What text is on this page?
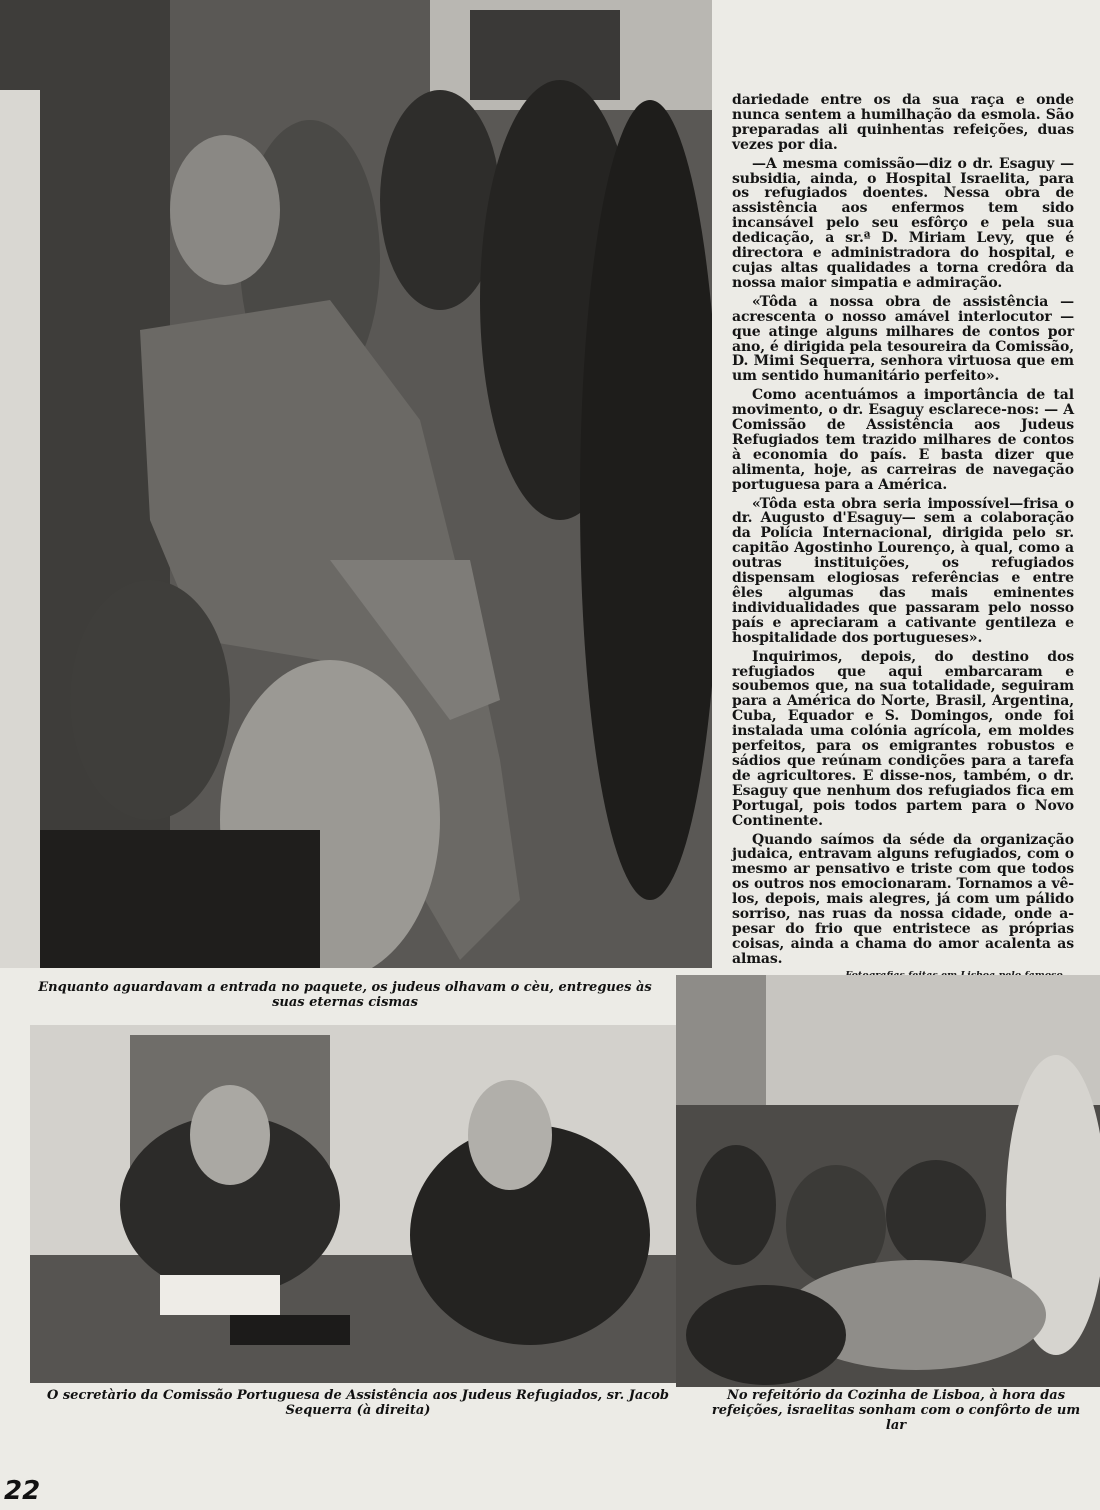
dariedade entre os da sua raça e onde nunca sentem a humilhação da esmola. São preparadas ali quinhentas refeições, duas vezes por dia.

—A mesma comissão—diz o dr. Esaguy —subsidia, ainda, o Hospital Israelita, para os refugiados doentes. Nessa obra de assistência aos enfermos tem sido incansável pelo seu esfôrço e pela sua dedicação, a sr.ª D. Miriam Levy, que é directora e administradora do hospital, e cujas altas qualidades a torna credôra da nossa maior simpatia e admiração.

«Tôda a nossa obra de assistência —acrescenta o nosso amável interlocutor —que atinge alguns milhares de contos por ano, é dirigida pela tesoureira da Comissão, D. Mimi Sequerra, senhora virtuosa que em um sentido humanitário perfeito».

Como acentuámos a importância de tal movimento, o dr. Esaguy esclarece-nos: — A Comissão de Assistência aos Judeus Refugiados tem trazido milhares de contos à economia do país. E basta dizer que alimenta, hoje, as carreiras de navegação portuguesa para a América.

«Tôda esta obra seria impossível—frisa o dr. Augusto d'Esaguy— sem a colaboração da Polícia Internacional, dirigida pelo sr. capitão Agostinho Lourenço, à qual, como a outras instituições, os refugiados dispensam elogiosas referências e entre êles algumas das mais eminentes individualidades que passaram pelo nosso país e apreciaram a cativante gentileza e hospitalidade dos portugueses».

Inquirimos, depois, do destino dos refugiados que aqui embarcaram e soubemos que, na sua totalidade, seguiram para a América do Norte, Brasil, Argentina, Cuba, Equador e S. Domingos, onde foi instalada uma colónia agrícola, em moldes perfeitos, para os emigrantes robustos e sádios que reúnam condições para a tarefa de agricultores. E disse-nos, também, o dr. Esaguy que nenhum dos refugiados fica em Portugal, pois todos partem para o Novo Continente.

Quando saímos da séde da organização judaica, entravam alguns refugiados, com o mesmo ar pensativo e triste com que todos os outros nos emocionaram. Tornamos a vê-los, depois, mais alegres, já com um pálido sorriso, nas ruas da nossa cidade, onde a-pesar do frio que entristece as próprias coisas, ainda a chama do amor acalenta as almas.

Enquanto aguardavam a entrada no paquete, os judeus olhavam o cèu, entregues às suas eternas cismas
O secretàrio da Comissão Portuguesa de Assistência aos Judeus Refugiados, sr. Jacob Sequerra (à direita)
No refeitório da Cozinha de Lisboa, à hora das refeições, israelitas sonham com o confôrto de um lar
22
